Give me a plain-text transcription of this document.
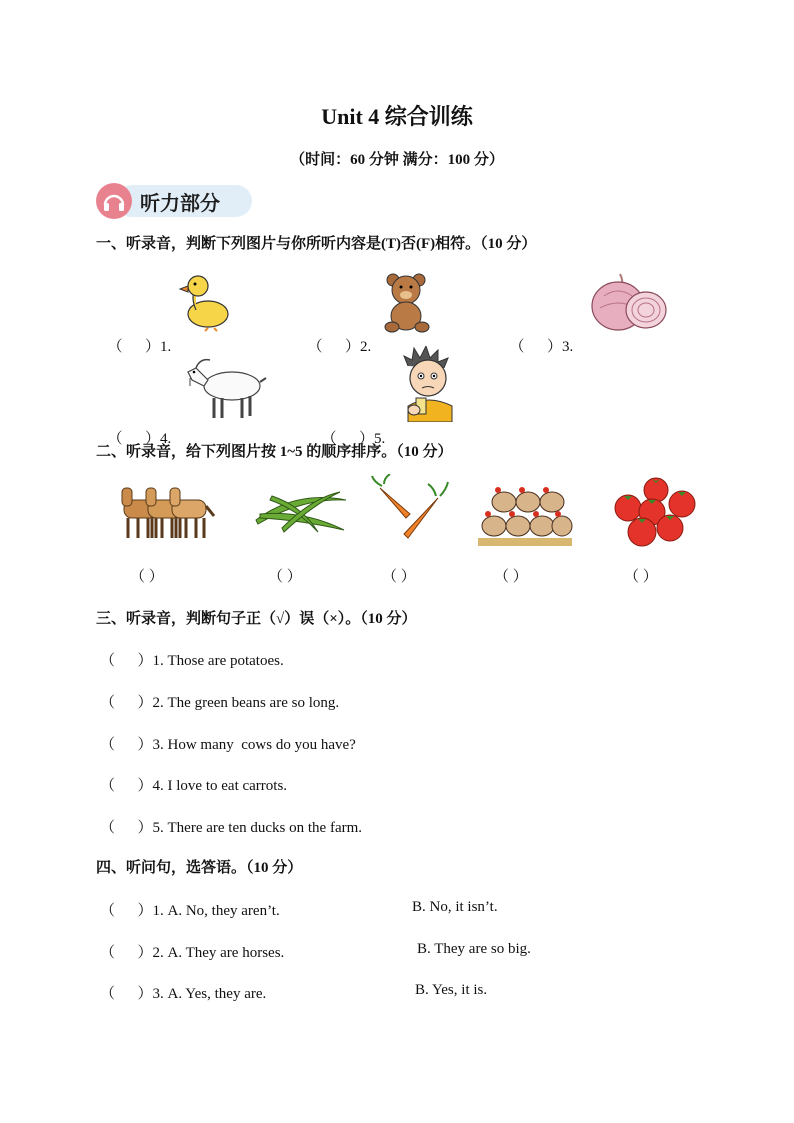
Unit 4 综合训练
（时间：60 分钟 满分：100 分）
听力部分
一、听录音，判断下列图片与你所听内容是(T)否(F)相符。（10 分）

（      ）1.	（      ）2.	（      ）3.

（      ）4.	（      ）5.

二、听录音，给下列图片按 1~5 的顺序排序。（10 分）
（ ）	（ ）	（ ）	（ ）	（ ）
三、听录音，判断句子正（√）误（×）。（10 分）
（      ）1. Those are potatoes.
（      ）2. The green beans are so long.
（      ）3. How many  cows do you have?
（      ）4. I love to eat carrots.
（      ）5. There are ten ducks on the farm.
四、听问句，选答语。（10 分）
（      ）1. A. No, they aren’t.	B. No, it isn’t.
（      ）2. A. They are horses.	B. They are so big.
（      ）3. A. Yes, they are.	B. Yes, it is.
